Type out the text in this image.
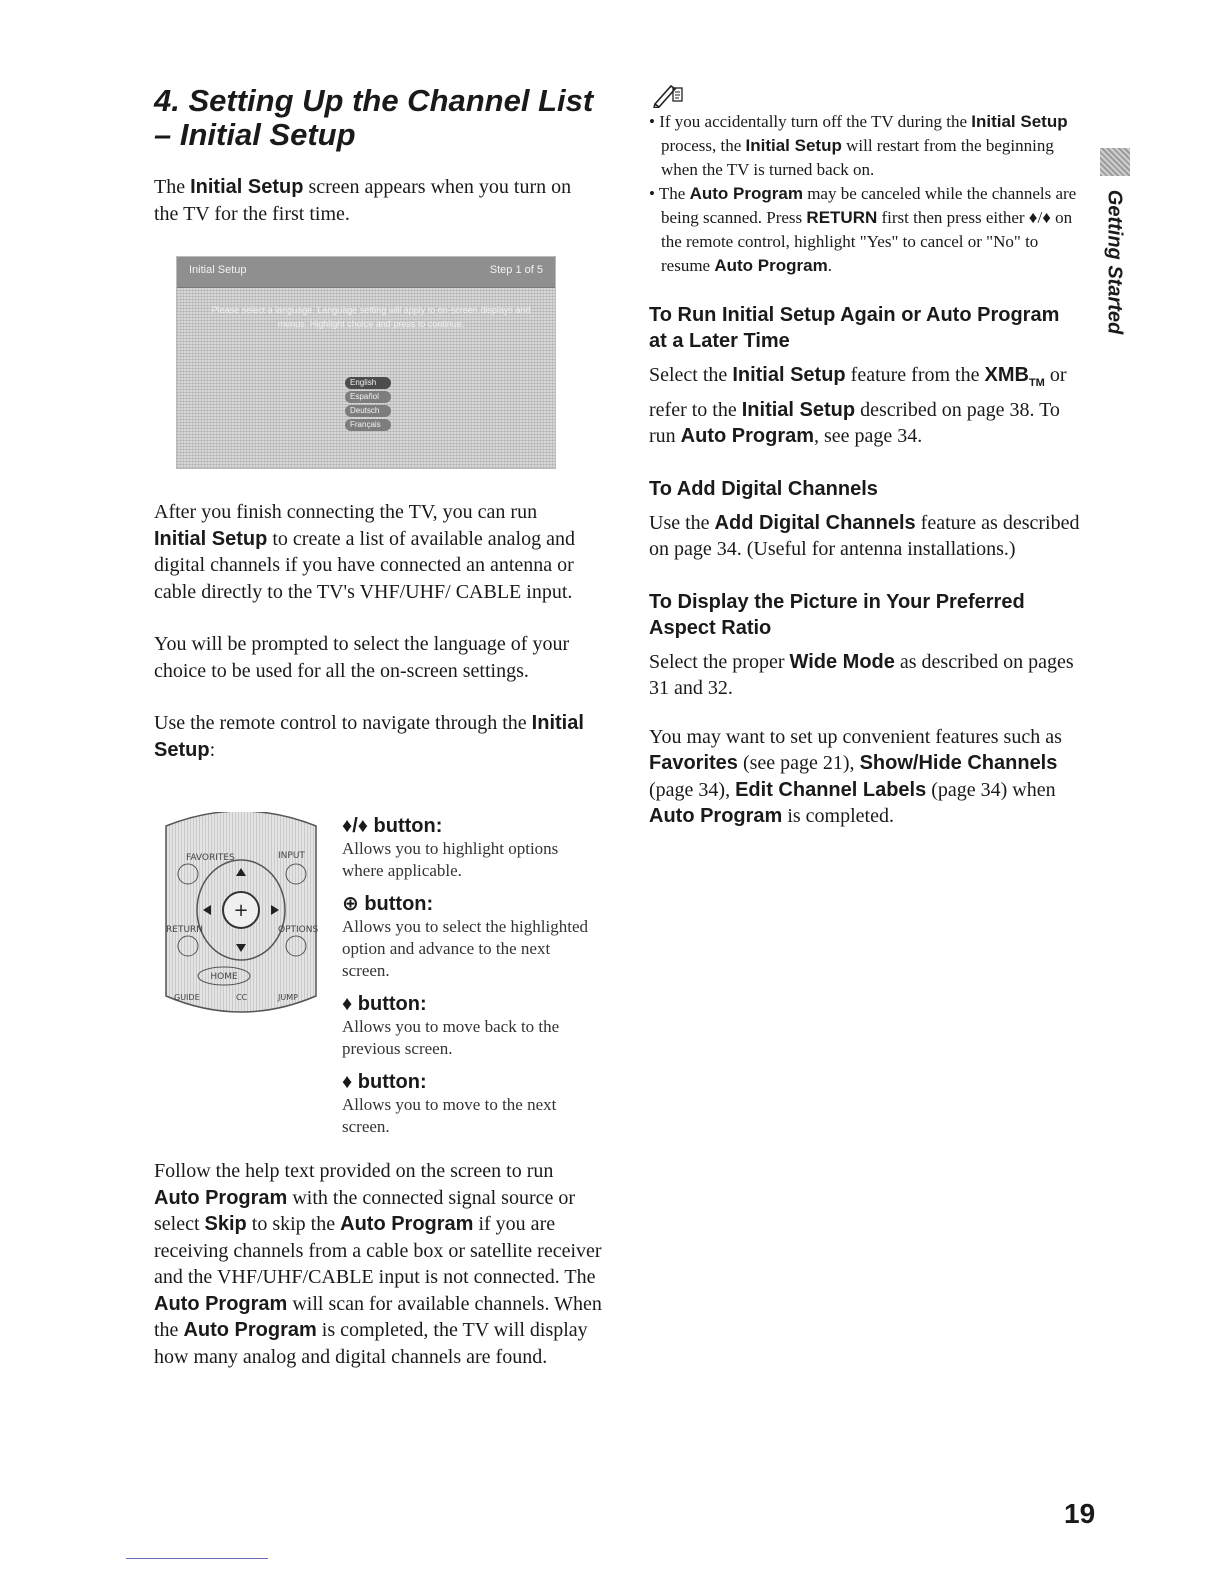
4. Setting Up the Channel List
– Initial Setup

The Initial Setup screen appears when you turn on the TV for the first time.

Initial Setup	Step 1 of 5
Please select a language. Language setting will apply to on-screen displays and menus. Highlight choice and press to continue.
English
Español
Deutsch
Français

After you finish connecting the TV, you can run Initial Setup to create a list of available analog and digital channels if you have connected an antenna or cable directly to the TV's VHF/UHF/ CABLE input.

You will be prompted to select the language of your choice to be used for all the on-screen settings.

Use the remote control to navigate through the Initial Setup:

+
FAVORITES	INPUT
RETURN	OPTIONS
HOME
GUIDE	CC	JUMP

♦/♦ button:

Allows you to highlight options where applicable.

⊕ button:

Allows you to select the highlighted option and advance to the next screen.

♦ button:

Allows you to move back to the previous screen.

♦ button:

Allows you to move to the next screen.

Follow the help text provided on the screen to run Auto Program with the connected signal source or select Skip to skip the Auto Program if you are receiving channels from a cable box or satellite receiver and the VHF/UHF/CABLE input is not connected. The Auto Program will scan for available channels. When the Auto Program is completed, the TV will display how many analog and digital channels are found.

• If you accidentally turn off the TV during the Initial Setup process, the Initial Setup will restart from the beginning when the TV is turned back on.
• The Auto Program may be canceled while the channels are being scanned. Press RETURN first then press either ♦/♦ on the remote control, highlight "Yes" to cancel or "No" to resume Auto Program.
To Run Initial Setup Again or Auto Program at a Later Time

Select the Initial Setup feature from the $XMB_{TM}$ or refer to the Initial Setup described on page 38. To run Auto Program, see page 34.

To Add Digital Channels

Use the Add Digital Channels feature as described on page 34. (Useful for antenna installations.)

To Display the Picture in Your Preferred Aspect Ratio

Select the proper Wide Mode as described on pages 31 and 32.

You may want to set up convenient features such as Favorites (see page 21), Show/Hide Channels (page 34), Edit Channel Labels (page 34) when Auto Program is completed.

Getting Started
19
